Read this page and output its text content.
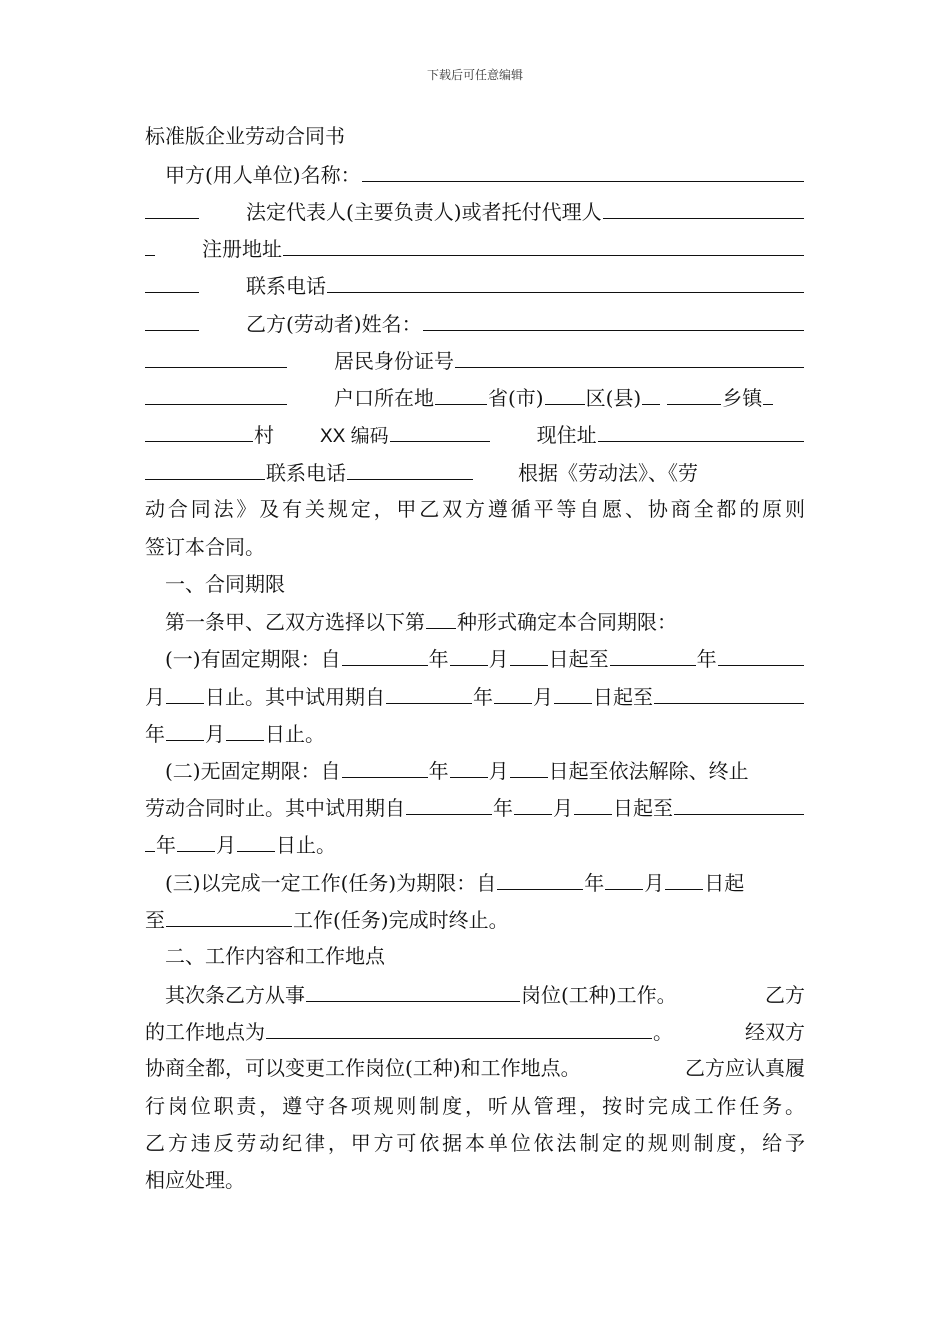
下载后可任意编辑
标准版企业劳动合同书
甲方(用人单位)名称：
法定代表人(主要负责人)或者托付代理人
注册地址
联系电话
乙方(劳动者)姓名：
居民身份证号
户口所在地	省(市) 区(县)	乡镇
村 XX 编码	现住址
联系电话	根据《劳动法》、《劳
动合同法》及有关规定，甲乙双方遵循平等自愿、协商全都的原则
签订本合同。
一、合同期限
第一条甲、乙双方选择以下第 种形式确定本合同期限：
(一)有固定期限：自	年 月 日起至	年
月 日止。其中试用期自	年 月 日起至
年 月 日止。
(二)无固定期限：自	年 月 日起至依法解除、终止
劳动合同时止。其中试用期自	年 月 日起至
年 月 日止。
(三)以完成一定工作(任务)为期限：自	年 月 日起
至	工作(任务)完成时终止。
二、工作内容和工作地点
其次条乙方从事	岗位(工种)工作。	乙方
的工作地点为	。	经双方
协商全都，可以变更工作岗位(工种)和工作地点。	乙方应认真履
行岗位职责，遵守各项规则制度，听从管理，按时完成工作任务。
乙方违反劳动纪律，甲方可依据本单位依法制定的规则制度，给予
相应处理。
